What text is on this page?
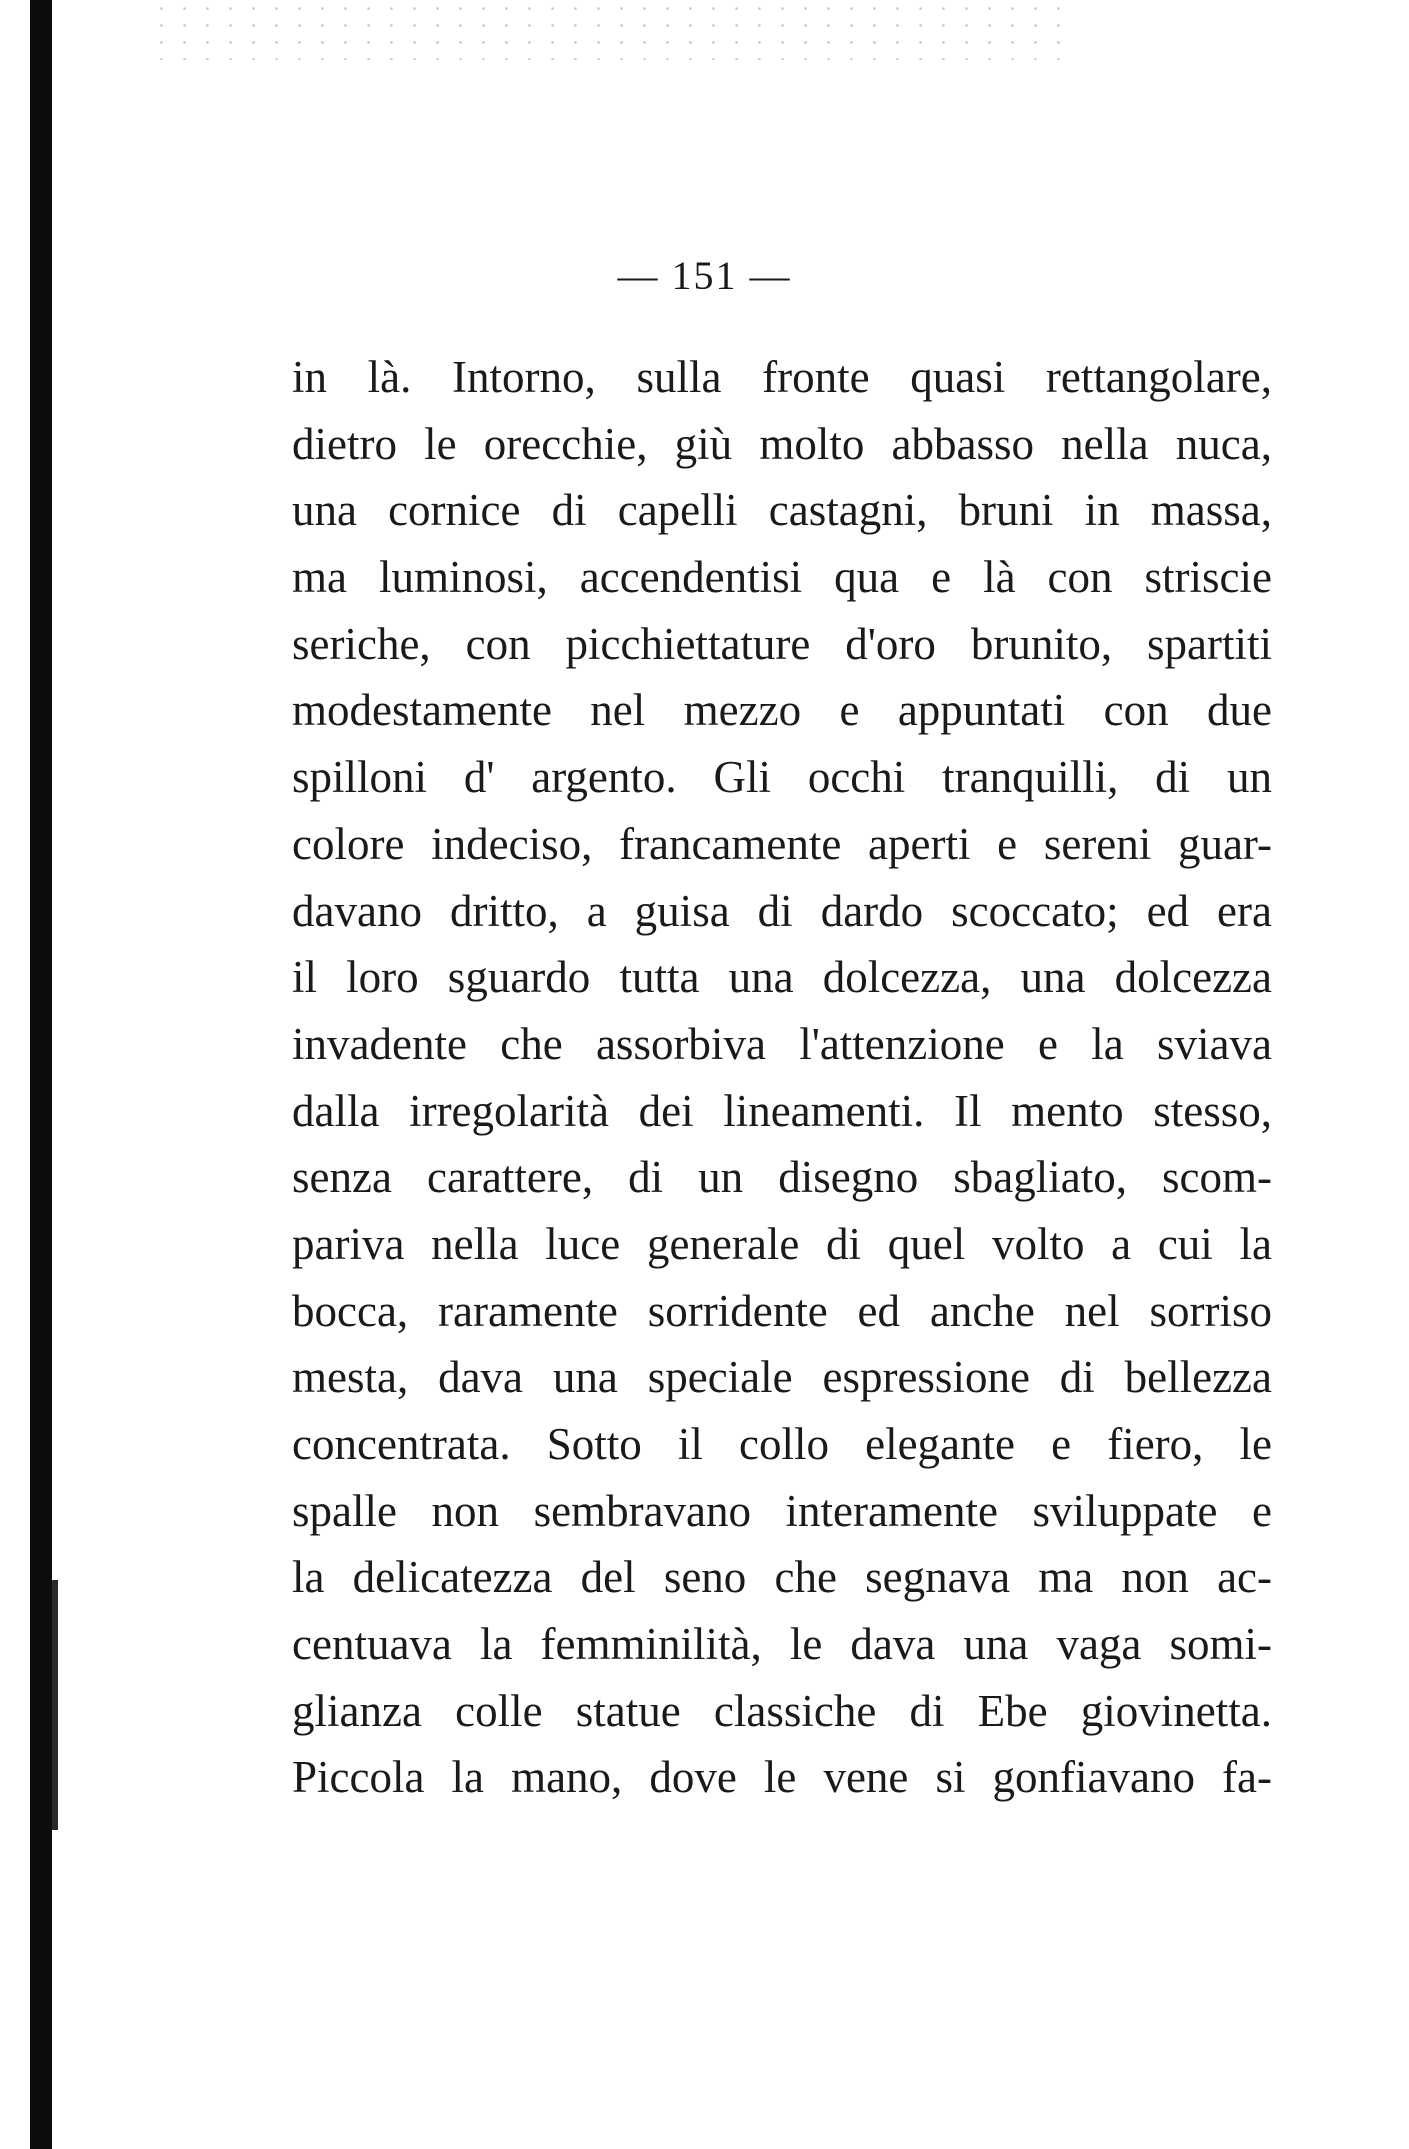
— 151 —
in là. Intorno, sulla fronte quasi rettangolare,
dietro le orecchie, giù molto abbasso nella nuca,
una cornice di capelli castagni, bruni in massa,
ma luminosi, accendentisi qua e là con striscie
seriche, con picchiettature d'oro brunito, spartiti
modestamente nel mezzo e appuntati con due
spilloni d' argento. Gli occhi tranquilli, di un
colore indeciso, francamente aperti e sereni guar-
davano dritto, a guisa di dardo scoccato; ed era
il loro sguardo tutta una dolcezza, una dolcezza
invadente che assorbiva l'attenzione e la sviava
dalla irregolarità dei lineamenti. Il mento stesso,
senza carattere, di un disegno sbagliato, scom-
pariva nella luce generale di quel volto a cui la
bocca, raramente sorridente ed anche nel sorriso
mesta, dava una speciale espressione di bellezza
concentrata. Sotto il collo elegante e fiero, le
spalle non sembravano interamente sviluppate e
la delicatezza del seno che segnava ma non ac-
centuava la femminilità, le dava una vaga somi-
glianza colle statue classiche di Ebe giovinetta.
Piccola la mano, dove le vene si gonfiavano fa-
